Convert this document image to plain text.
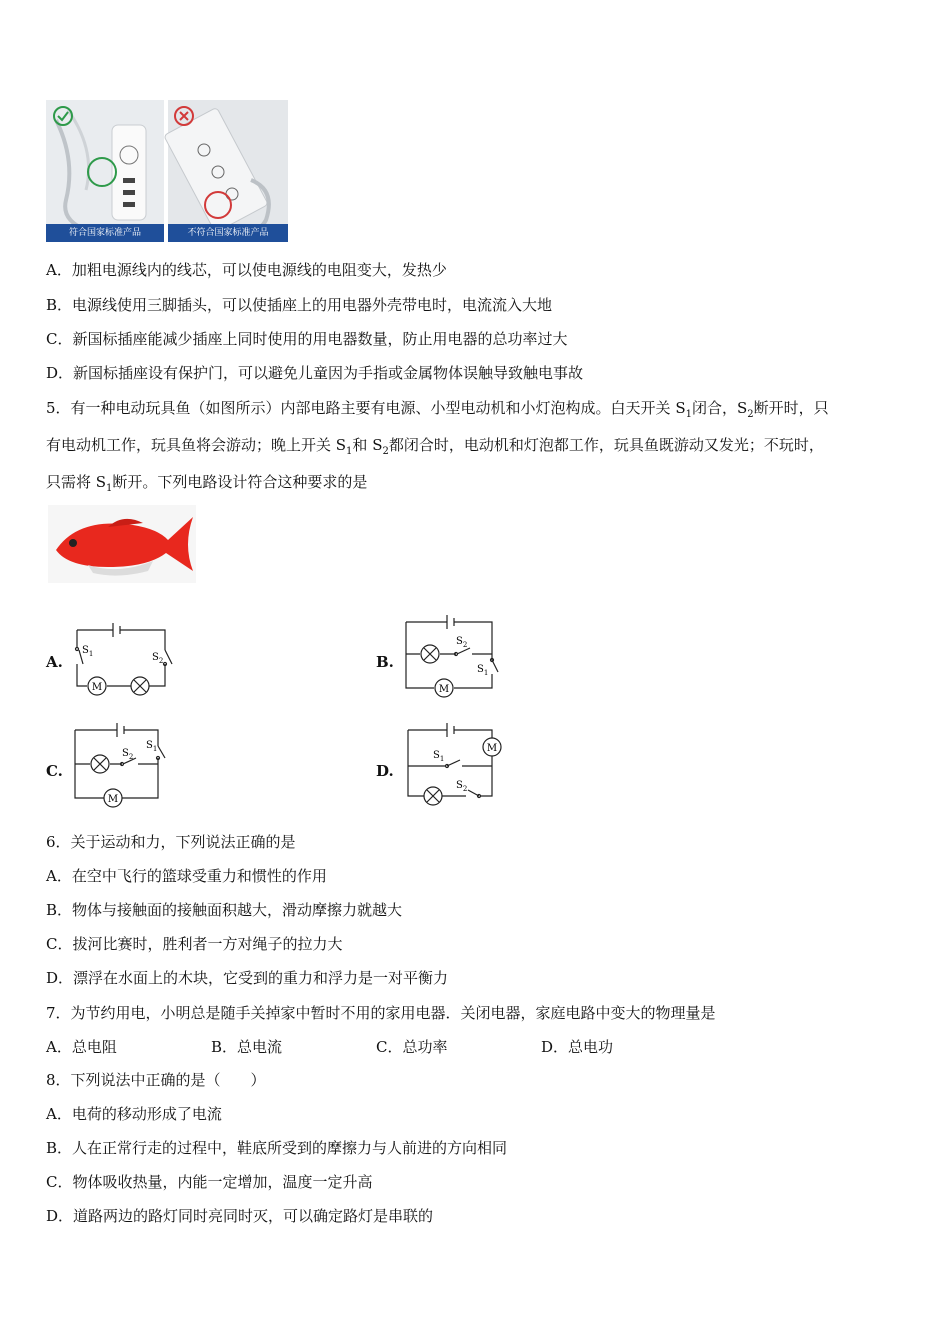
符合国家标准产品	不符合国家标准产品
A．加粗电源线内的线芯，可以使电源线的电阻变大，发热少
B．电源线使用三脚插头，可以使插座上的用电器外壳带电时，电流流入大地
C．新国标插座能减少插座上同时使用的用电器数量，防止用电器的总功率过大
D．新国标插座设有保护门，可以避免儿童因为手指或金属物体误触导致触电事故
5．有一种电动玩具鱼（如图所示）内部电路主要有电源、小型电动机和小灯泡构成。白天开关 $S_1$闭合，$S_2$断开时，只
有电动机工作，玩具鱼将会游动；晚上开关 $S_1$和 $S_2$都闭合时，电动机和灯泡都工作，玩具鱼既游动又发光；不玩时，
只需将 $S_1$断开。下列电路设计符合这种要求的是
A.
M
$S_1$	$S_2$	B.
M
$S_2$
$S_1$
C.
M
$S_2$
$S_1$
D.
M
$S_1$
$S_2$
6．关于运动和力，下列说法正确的是
A．在空中飞行的篮球受重力和惯性的作用
B．物体与接触面的接触面积越大，滑动摩擦力就越大
C．拔河比赛时，胜利者一方对绳子的拉力大
D．漂浮在水面上的木块，它受到的重力和浮力是一对平衡力
7．为节约用电，小明总是随手关掉家中暂时不用的家用电器．关闭电器，家庭电路中变大的物理量是
A．总电阻	B．总电流	C．总功率	D．总电功
8．下列说法中正确的是（　　）
A．电荷的移动形成了电流
B．人在正常行走的过程中，鞋底所受到的摩擦力与人前进的方向相同
C．物体吸收热量，内能一定增加，温度一定升高
D．道路两边的路灯同时亮同时灭，可以确定路灯是串联的
